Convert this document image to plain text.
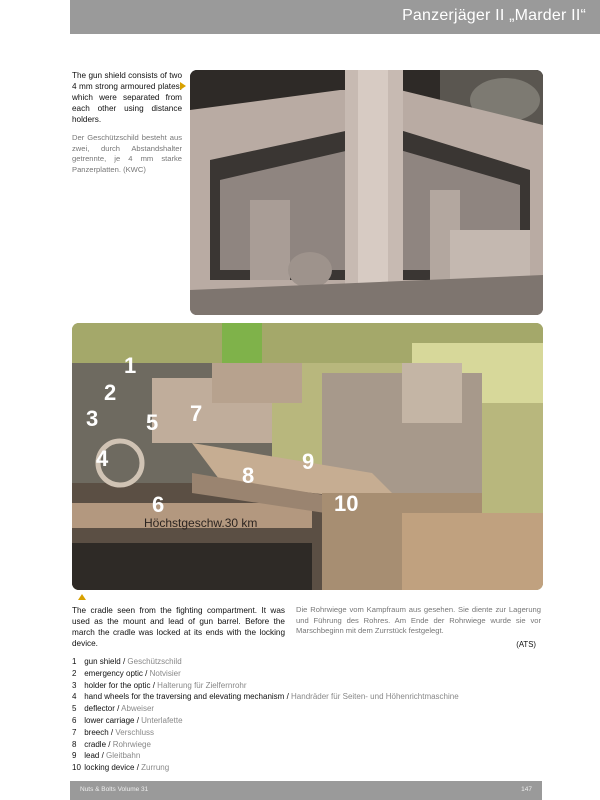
Panzerjäger II „Marder II“
The gun shield consists of two 4 mm strong armoured plates, which were separated from each other using distance holders.
Der Geschützschild besteht aus zwei, durch Abstandshalter getrennte, je 4 mm starke Panzerplatten. (KWC)
Höchstgeschw.30 km
1
2
3
4
5
6
7
8
9
10
The cradle seen from the fighting compartment. It was used as the mount and lead of gun barrel. Before the march the cradle was locked at its ends with the locking device.
Die Rohrwiege vom Kampfraum aus gesehen. Sie diente zur Lagerung und Führung des Rohres. Am Ende der Rohrwiege wurde sie vor Marschbeginn mit dem Zurrstück festgelegt.
(ATS)
1 gun shield / Geschützschild
2 emergency optic / Notvisier
3 holder for the optic / Halterung für Zielfernrohr
4 hand wheels for the traversing and elevating mechanism / Handräder für Seiten- und Höhenrichtmaschine
5 deflector / Abweiser
6 lower carriage / Unterlafette
7 breech / Verschluss
8 cradle / Rohrwiege
9 lead / Gleitbahn
10 locking device / Zurrung
Nuts & Bolts Volume 31	147
